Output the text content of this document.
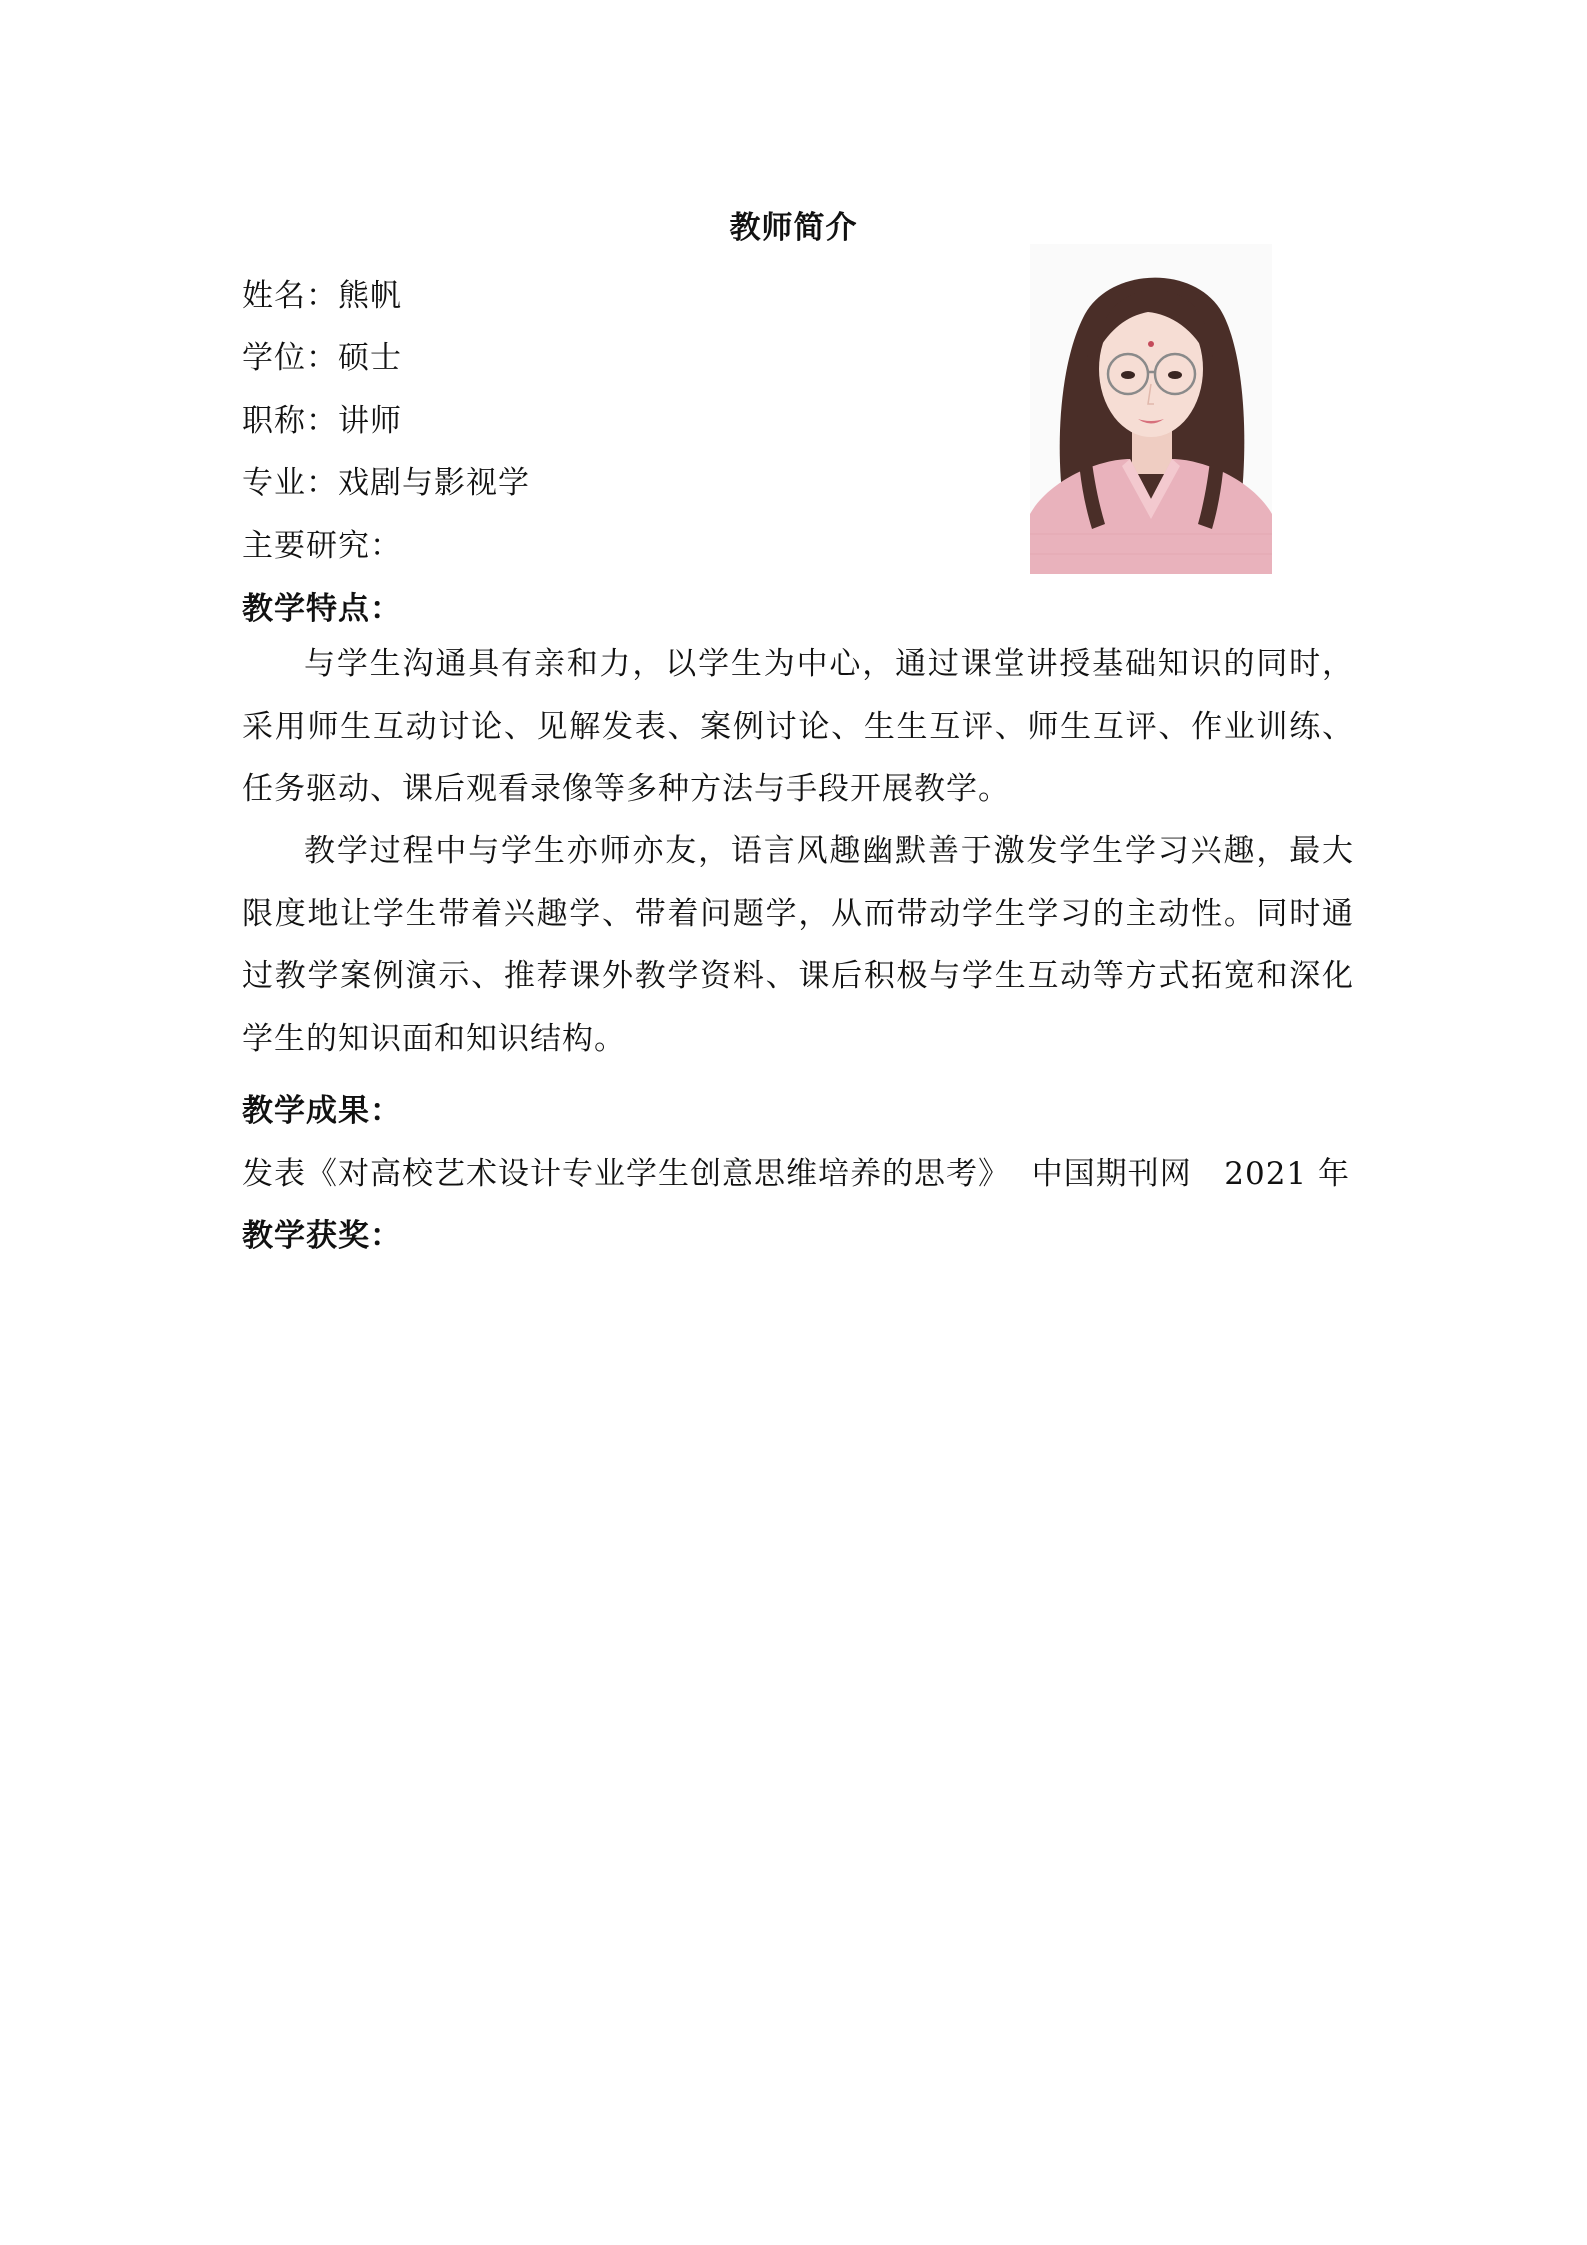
教师简介
姓名：熊帆
学位：硕士
职称：讲师
专业：戏剧与影视学
主要研究：
教学特点：

与学生沟通具有亲和力，以学生为中心，通过课堂讲授基础知识的同时，采用师生互动讨论、见解发表、案例讨论、生生互评、师生互评、作业训练、任务驱动、课后观看录像等多种方法与手段开展教学。

教学过程中与学生亦师亦友，语言风趣幽默善于激发学生学习兴趣，最大限度地让学生带着兴趣学、带着问题学，从而带动学生学习的主动性。同时通过教学案例演示、推荐课外教学资料、课后积极与学生互动等方式拓宽和深化学生的知识面和知识结构。

教学成果：
发表《对高校艺术设计专业学生创意思维培养的思考》  中国期刊网   2021 年
教学获奖：
